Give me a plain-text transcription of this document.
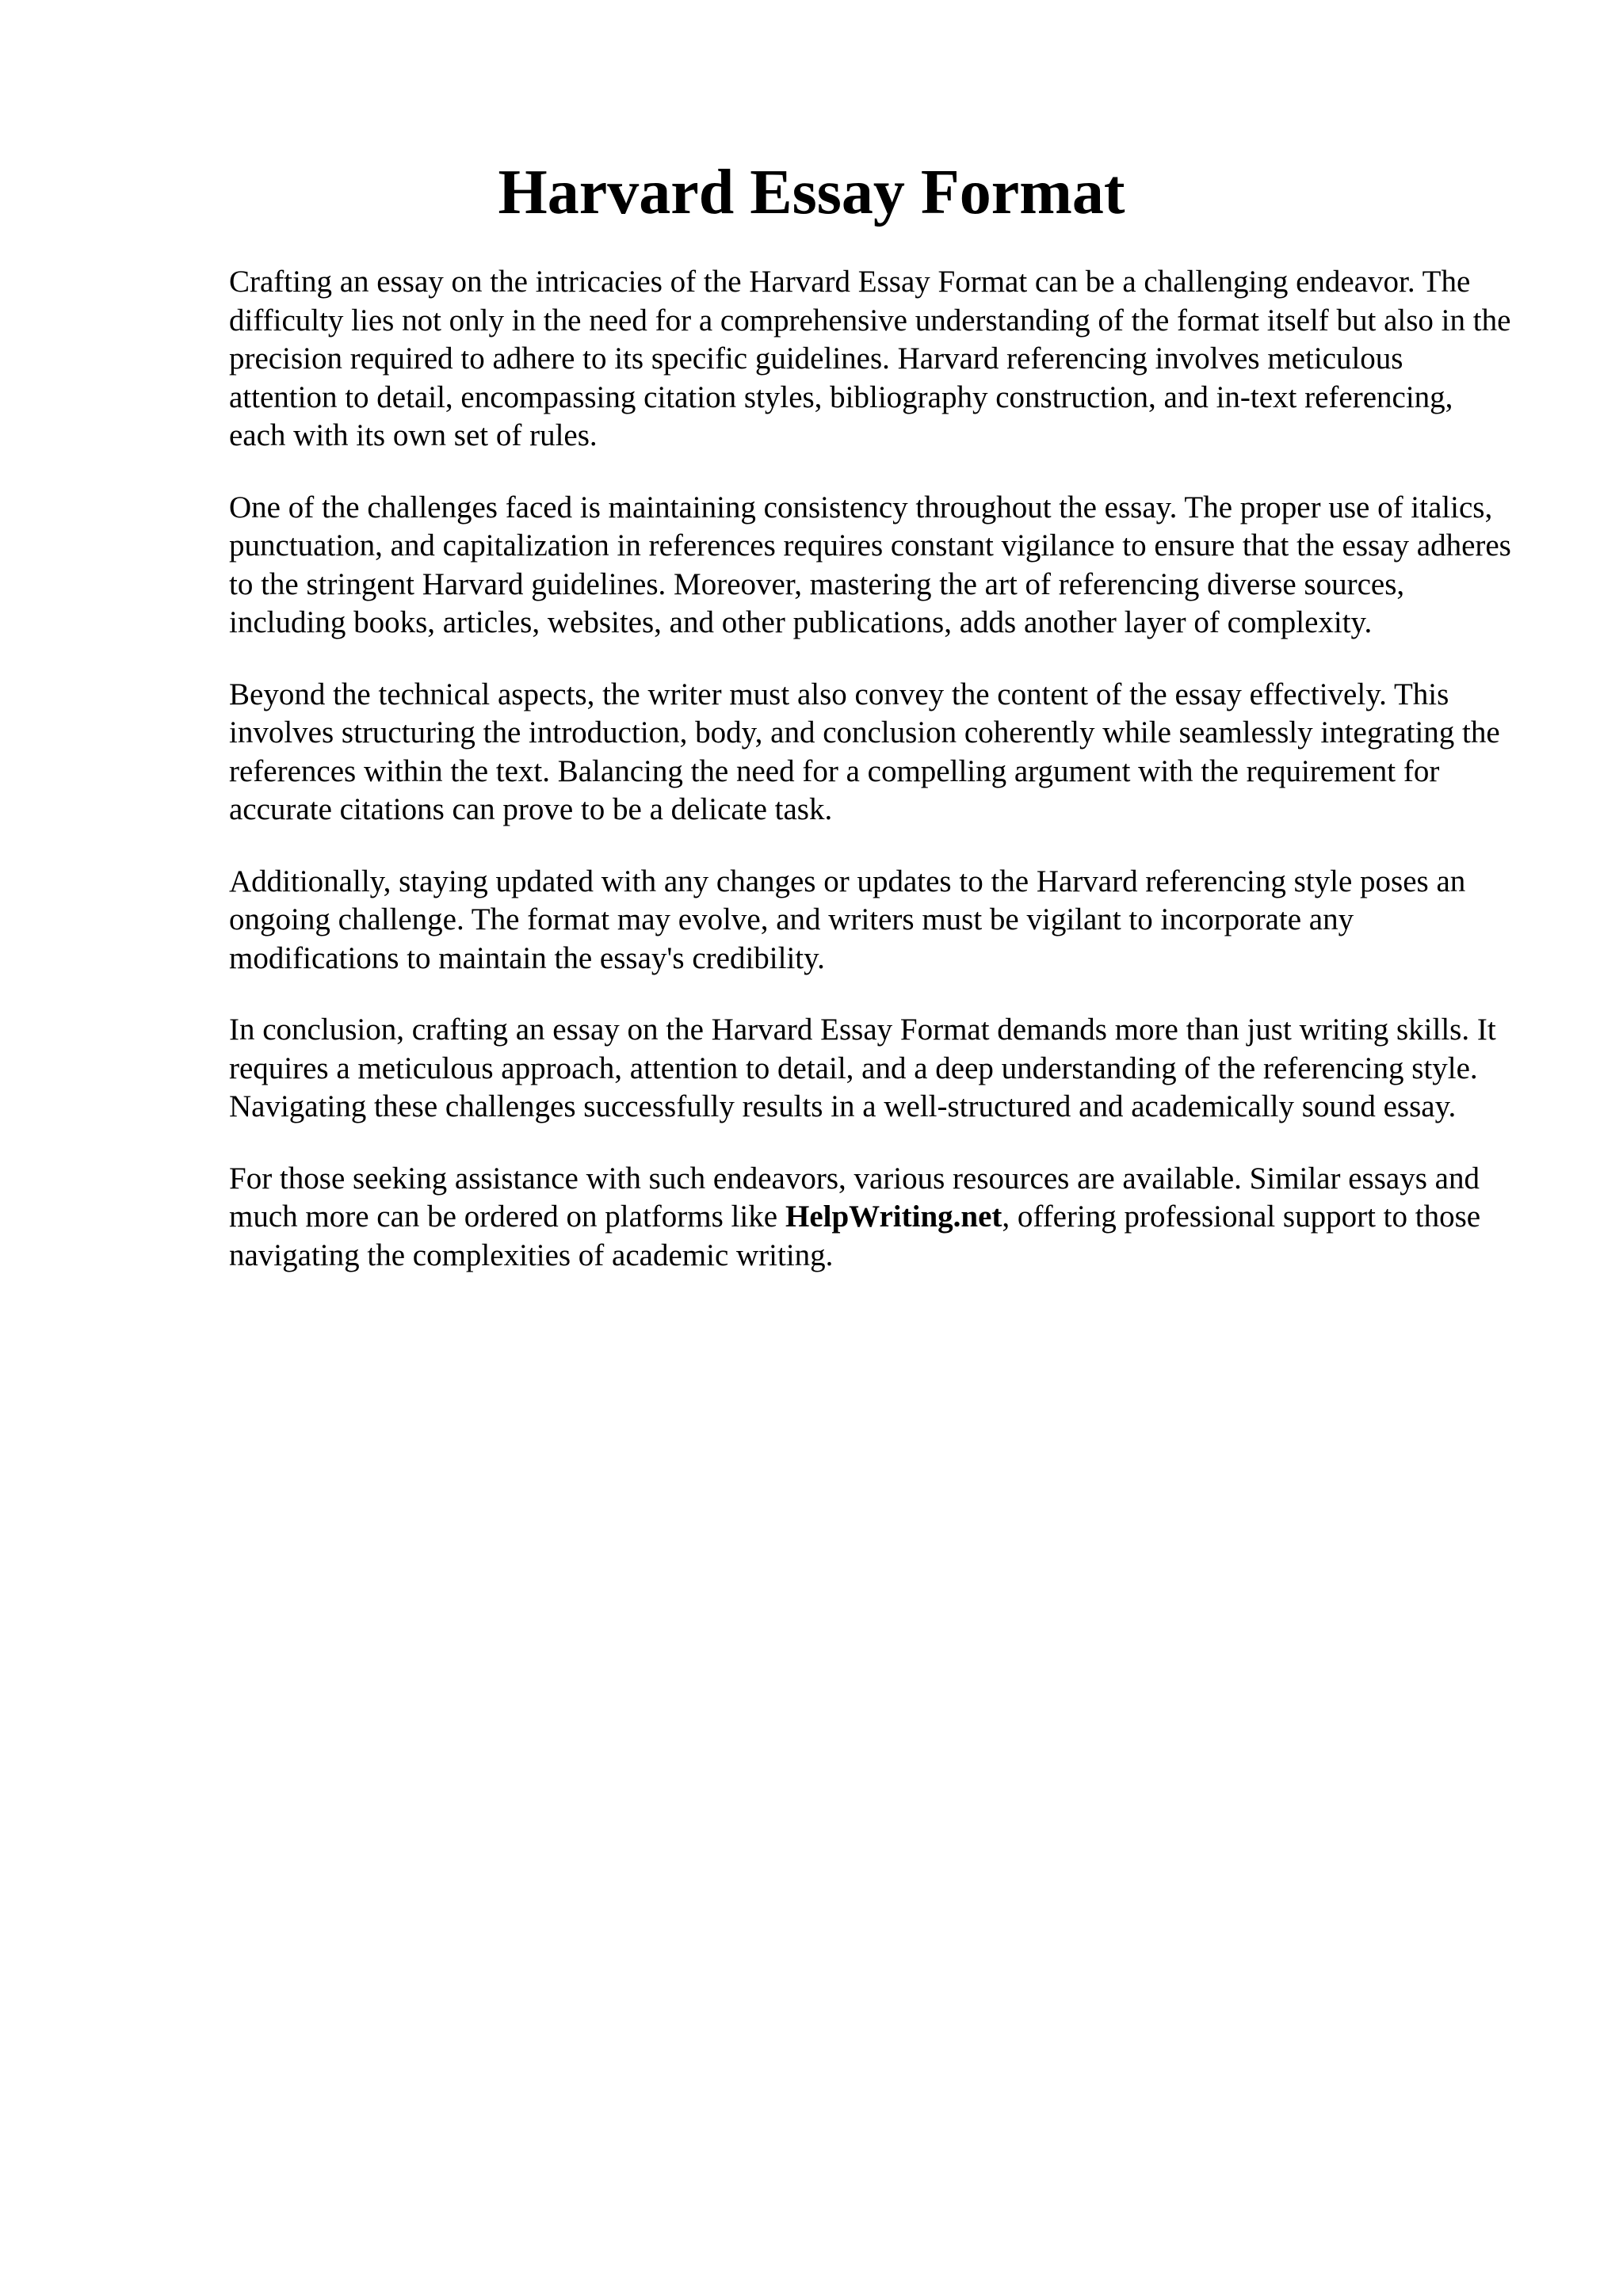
Harvard Essay Format

Crafting an essay on the intricacies of the Harvard Essay Format can be a challenging endeavor. The difficulty lies not only in the need for a comprehensive understanding of the format itself but also in the precision required to adhere to its specific guidelines. Harvard referencing involves meticulous attention to detail, encompassing citation styles, bibliography construction, and in-text referencing, each with its own set of rules.

One of the challenges faced is maintaining consistency throughout the essay. The proper use of italics, punctuation, and capitalization in references requires constant vigilance to ensure that the essay adheres to the stringent Harvard guidelines. Moreover, mastering the art of referencing diverse sources, including books, articles, websites, and other publications, adds another layer of complexity.

Beyond the technical aspects, the writer must also convey the content of the essay effectively. This involves structuring the introduction, body, and conclusion coherently while seamlessly integrating the references within the text. Balancing the need for a compelling argument with the requirement for accurate citations can prove to be a delicate task.

Additionally, staying updated with any changes or updates to the Harvard referencing style poses an ongoing challenge. The format may evolve, and writers must be vigilant to incorporate any modifications to maintain the essay's credibility.

In conclusion, crafting an essay on the Harvard Essay Format demands more than just writing skills. It requires a meticulous approach, attention to detail, and a deep understanding of the referencing style. Navigating these challenges successfully results in a well-structured and academically sound essay.

For those seeking assistance with such endeavors, various resources are available. Similar essays and much more can be ordered on platforms like HelpWriting.net, offering professional support to those navigating the complexities of academic writing.
